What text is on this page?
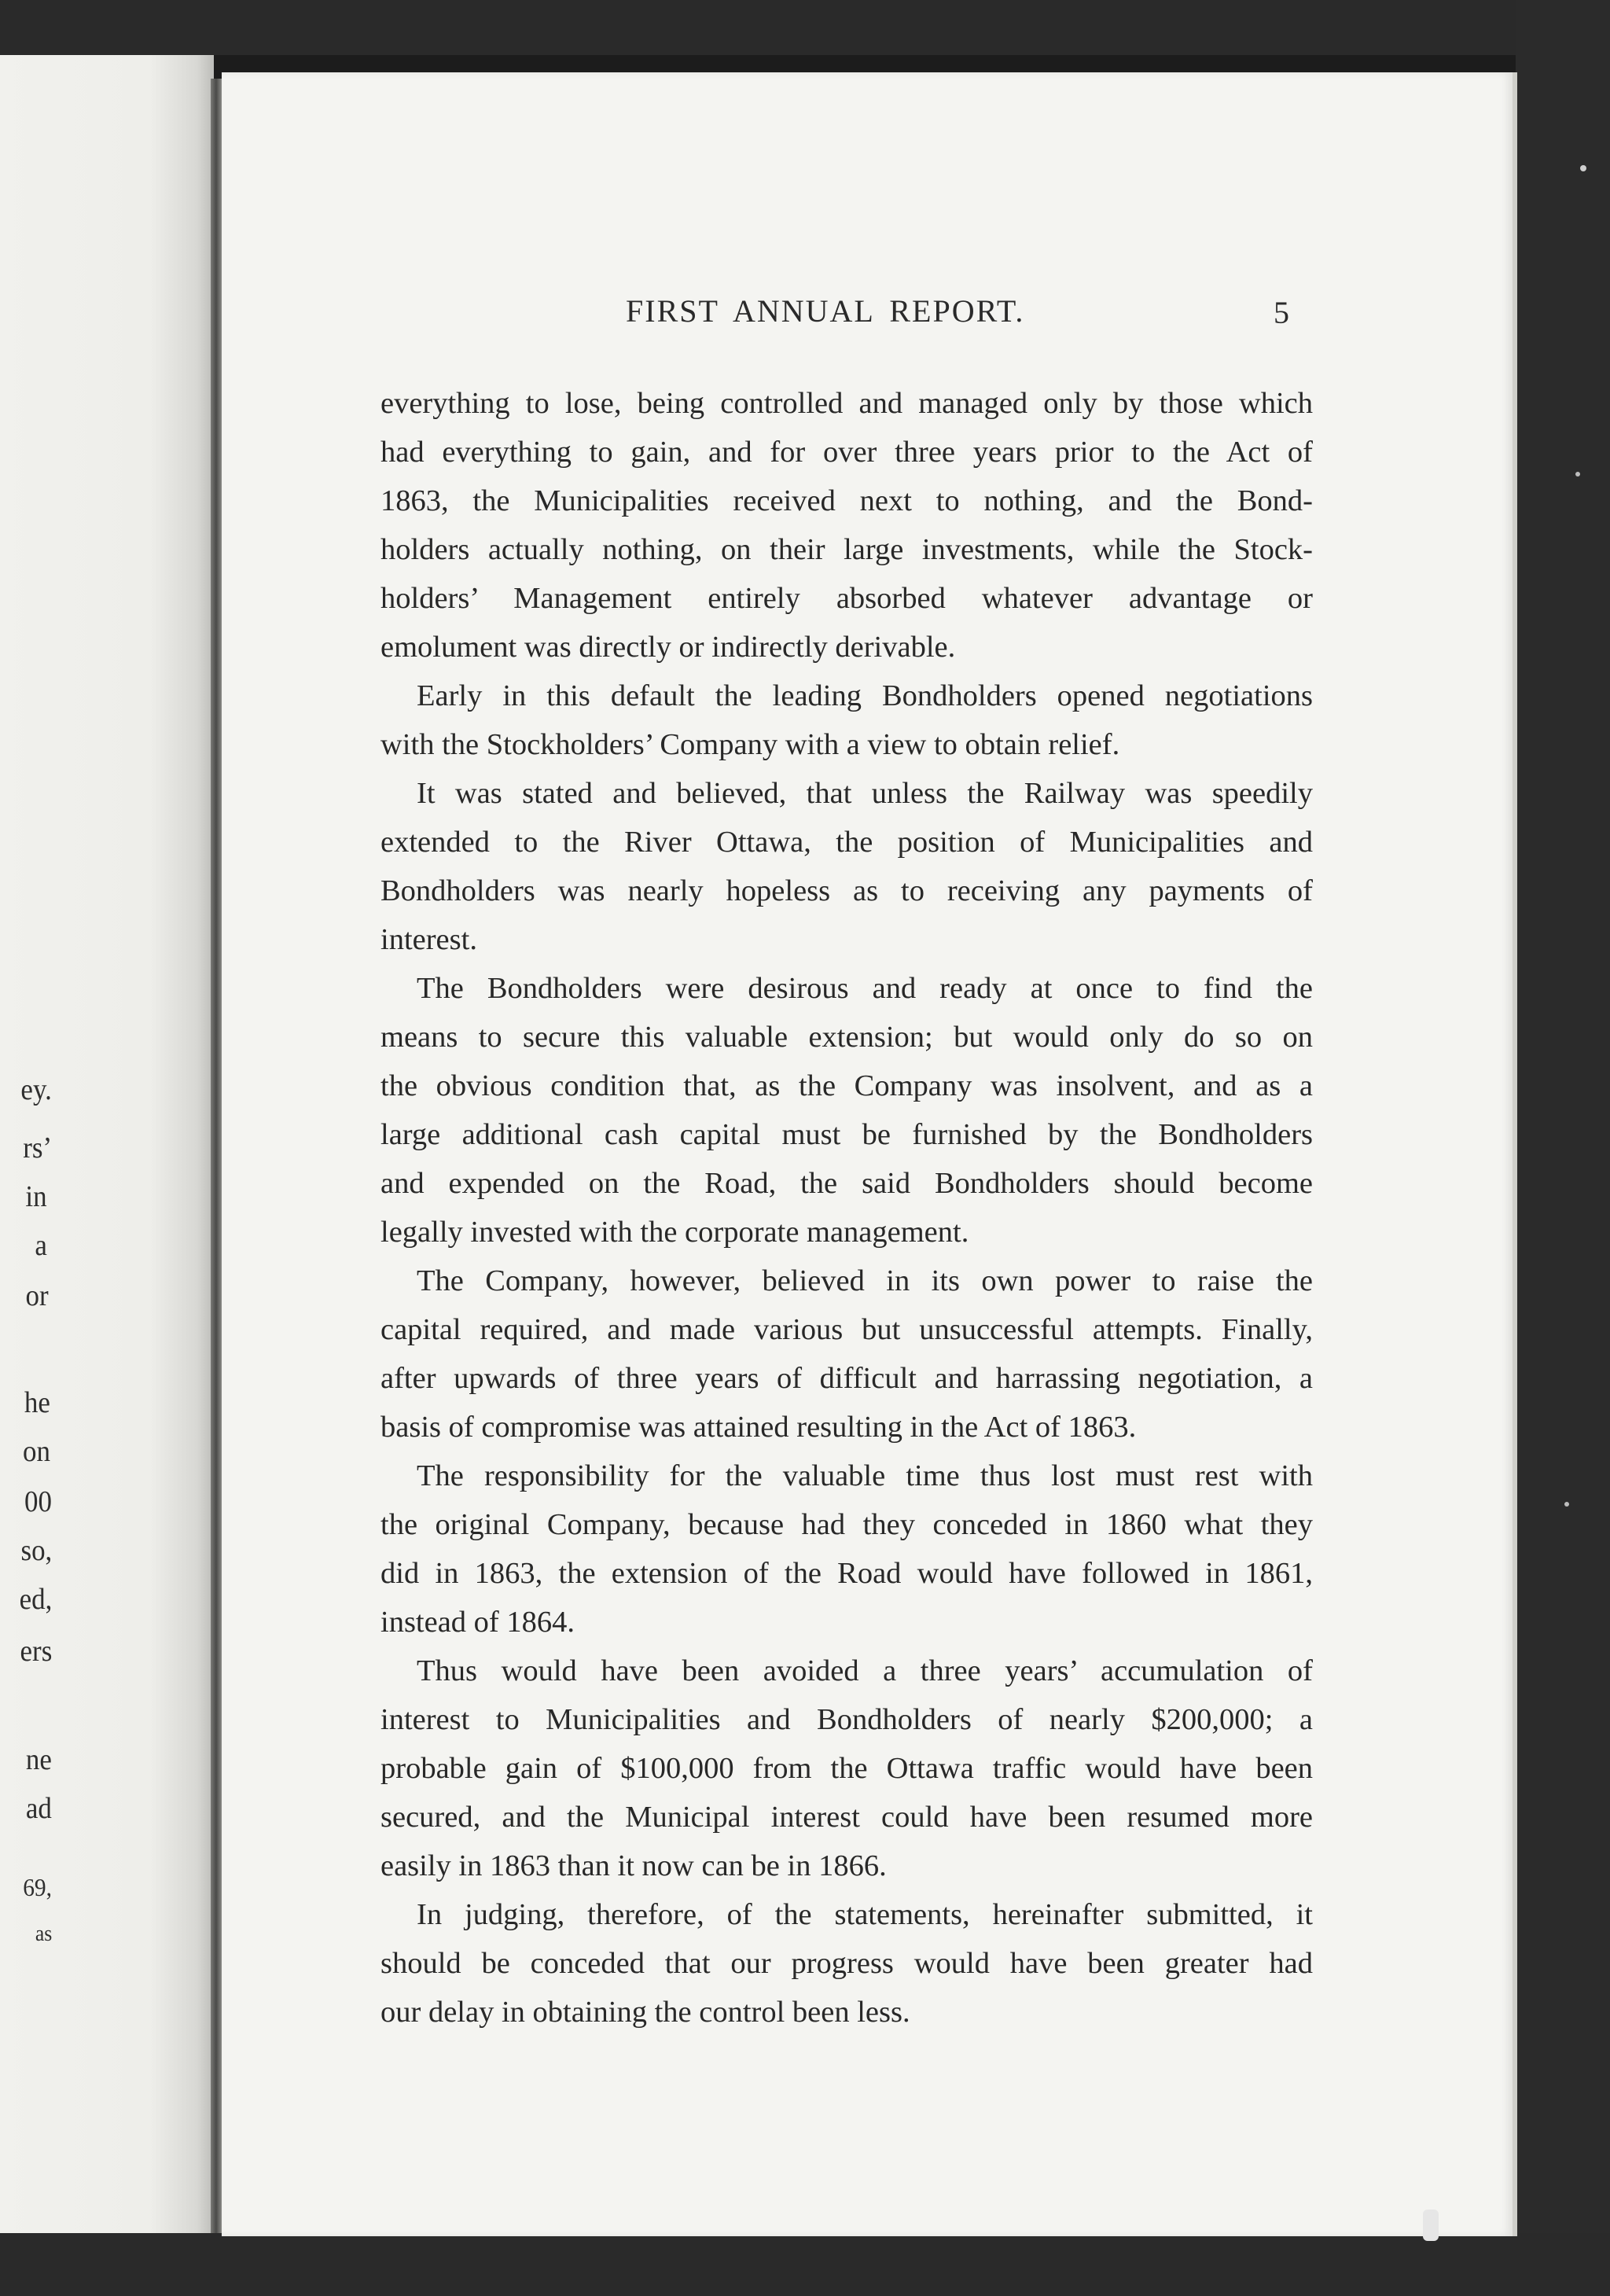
ey.
rs’
in
a
or
he
on
00
so,
ed,
ers
ne
ad
69,
as
FIRST ANNUAL REPORT.	5
everything to lose, being controlled and managed only by those which
had everything to gain, and for over three years prior to the Act of
1863, the Municipalities received next to nothing, and the Bond-
holders actually nothing, on their large investments, while the Stock-
holders’ Management entirely absorbed whatever advantage or
emolument was directly or indirectly derivable.
Early in this default the leading Bondholders opened negotiations
with the Stockholders’ Company with a view to obtain relief.
It was stated and believed, that unless the Railway was speedily
extended to the River Ottawa, the position of Municipalities and
Bondholders was nearly hopeless as to receiving any payments of
interest.
The Bondholders were desirous and ready at once to find the
means to secure this valuable extension; but would only do so on
the obvious condition that, as the Company was insolvent, and as a
large additional cash capital must be furnished by the Bondholders
and expended on the Road, the said Bondholders should become
legally invested with the corporate management.
The Company, however, believed in its own power to raise the
capital required, and made various but unsuccessful attempts. Finally,
after upwards of three years of difficult and harrassing negotiation, a
basis of compromise was attained resulting in the Act of 1863.
The responsibility for the valuable time thus lost must rest with
the original Company, because had they conceded in 1860 what they
did in 1863, the extension of the Road would have followed in 1861,
instead of 1864.
Thus would have been avoided a three years’ accumulation of
interest to Municipalities and Bondholders of nearly $200,000; a
probable gain of $100,000 from the Ottawa traffic would have been
secured, and the Municipal interest could have been resumed more
easily in 1863 than it now can be in 1866.
In judging, therefore, of the statements, hereinafter submitted, it
should be conceded that our progress would have been greater had
our delay in obtaining the control been less.
